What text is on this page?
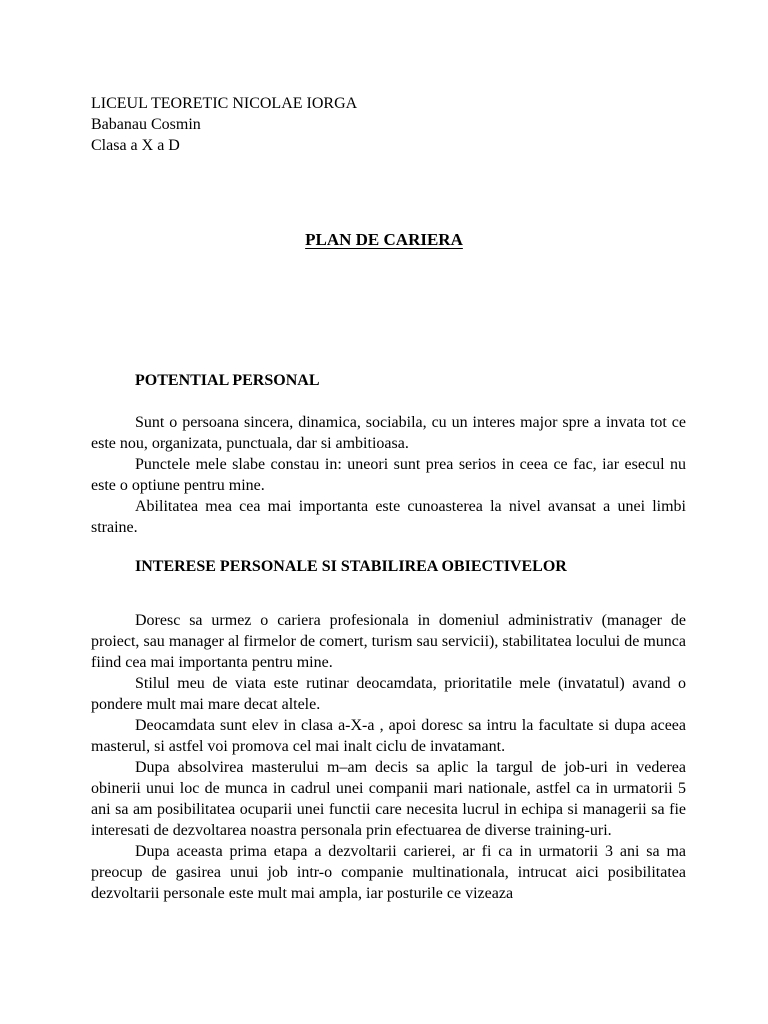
LICEUL TEORETIC NICOLAE IORGA
Babanau Cosmin
Clasa a X a D
PLAN DE CARIERA
POTENTIAL PERSONAL

Sunt o persoana sincera, dinamica, sociabila, cu un interes major spre a invata tot ce este nou, organizata, punctuala, dar si ambitioasa.

Punctele mele slabe constau in: uneori sunt prea serios in ceea ce fac, iar esecul nu este o optiune pentru mine.

Abilitatea mea cea mai importanta este cunoasterea la nivel avansat a unei limbi straine.

INTERESE PERSONALE SI STABILIREA OBIECTIVELOR

Doresc sa urmez o cariera profesionala in domeniul administrativ (manager de proiect, sau manager al firmelor de comert, turism sau servicii), stabilitatea locului de munca fiind cea mai importanta pentru mine.

Stilul meu de viata este rutinar deocamdata, prioritatile mele (invatatul) avand o pondere mult mai mare decat altele.

Deocamdata sunt elev in clasa a-X-a , apoi doresc sa intru la facultate si dupa aceea masterul, si astfel voi promova cel mai inalt ciclu de invatamant.

Dupa absolvirea masterului m–am decis sa aplic la targul de job-uri in vederea obinerii unui loc de munca in cadrul unei companii mari nationale, astfel ca in urmatorii 5 ani sa am posibilitatea ocuparii unei functii care necesita lucrul in echipa si managerii sa fie interesati de dezvoltarea noastra personala prin efectuarea de diverse training-uri.

Dupa aceasta prima etapa a dezvoltarii carierei, ar fi ca in urmatorii 3 ani sa ma preocup de gasirea unui job intr-o companie multinationala, intrucat aici posibilitatea dezvoltarii personale este mult mai ampla, iar posturile ce vizeaza
